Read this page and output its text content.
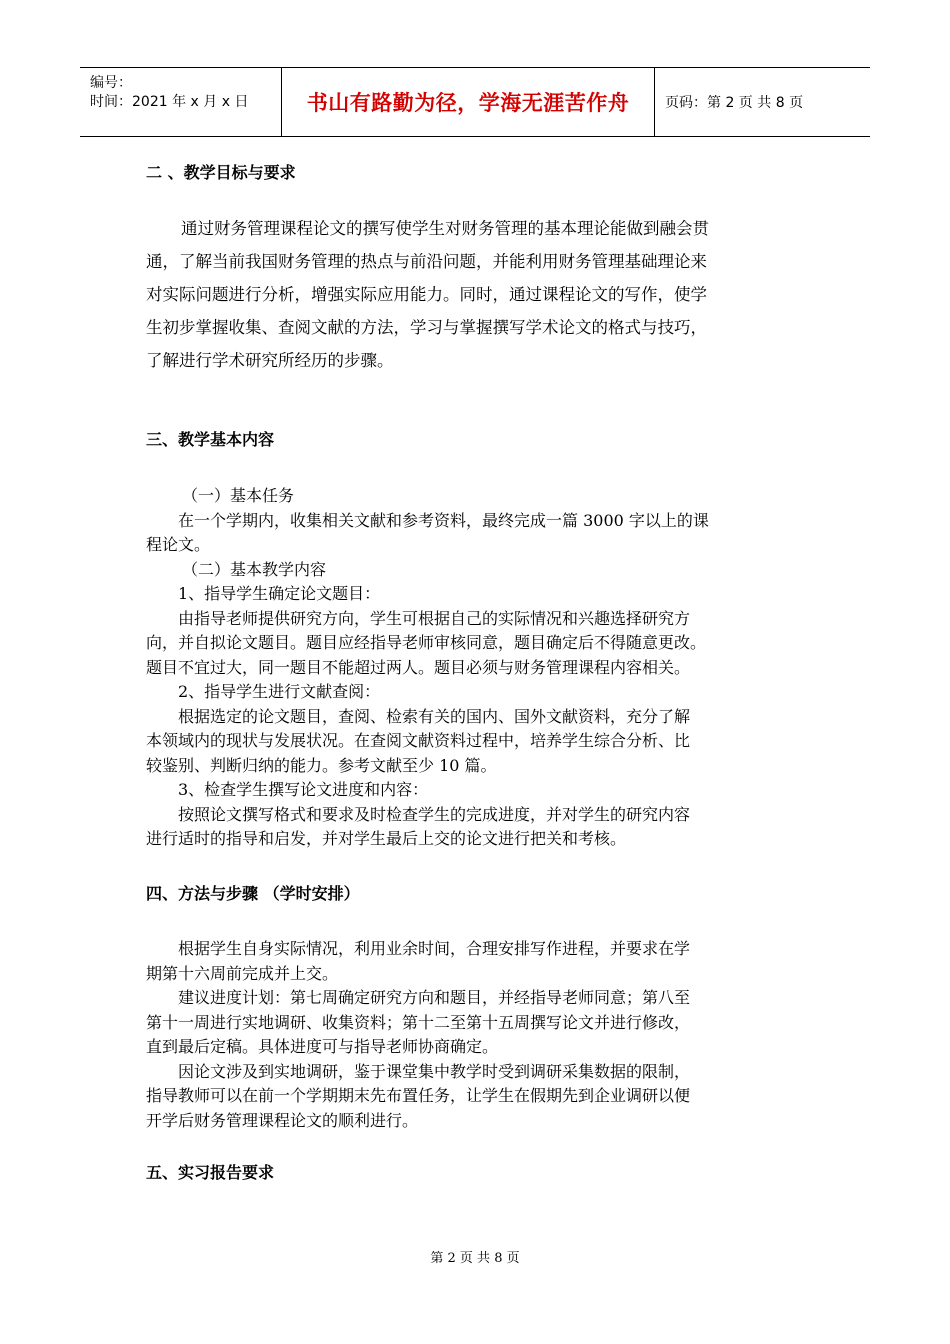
编号：
时间：2021 年 x 月 x 日	书山有路勤为径，学海无涯苦作舟	页码：第 2 页 共 8 页
二 、教学目标与要求

通过财务管理课程论文的撰写使学生对财务管理的基本理论能做到融会贯

通，了解当前我国财务管理的热点与前沿问题，并能利用财务管理基础理论来

对实际问题进行分析，增强实际应用能力。同时，通过课程论文的写作，使学

生初步掌握收集、查阅文献的方法，学习与掌握撰写学术论文的格式与技巧，

了解进行学术研究所经历的步骤。

三、教学基本内容

（一）基本任务

在一个学期内，收集相关文献和参考资料，最终完成一篇 3000 字以上的课

程论文。

（二）基本教学内容

1、指导学生确定论文题目：

由指导老师提供研究方向，学生可根据自己的实际情况和兴趣选择研究方

向，并自拟论文题目。题目应经指导老师审核同意，题目确定后不得随意更改。

题目不宜过大，同一题目不能超过两人。题目必须与财务管理课程内容相关。

2、指导学生进行文献查阅：

根据选定的论文题目，查阅、检索有关的国内、国外文献资料，充分了解

本领域内的现状与发展状况。在查阅文献资料过程中，培养学生综合分析、比

较鉴别、判断归纳的能力。参考文献至少 10 篇。

3、检查学生撰写论文进度和内容：

按照论文撰写格式和要求及时检查学生的完成进度，并对学生的研究内容

进行适时的指导和启发，并对学生最后上交的论文进行把关和考核。

四、方法与步骤 （学时安排）

根据学生自身实际情况，利用业余时间，合理安排写作进程，并要求在学

期第十六周前完成并上交。

建议进度计划：第七周确定研究方向和题目，并经指导老师同意；第八至

第十一周进行实地调研、收集资料；第十二至第十五周撰写论文并进行修改，

直到最后定稿。具体进度可与指导老师协商确定。

因论文涉及到实地调研，鉴于课堂集中教学时受到调研采集数据的限制，

指导教师可以在前一个学期期末先布置任务，让学生在假期先到企业调研以便

开学后财务管理课程论文的顺利进行。

五、实习报告要求
第 2 页 共 8 页
